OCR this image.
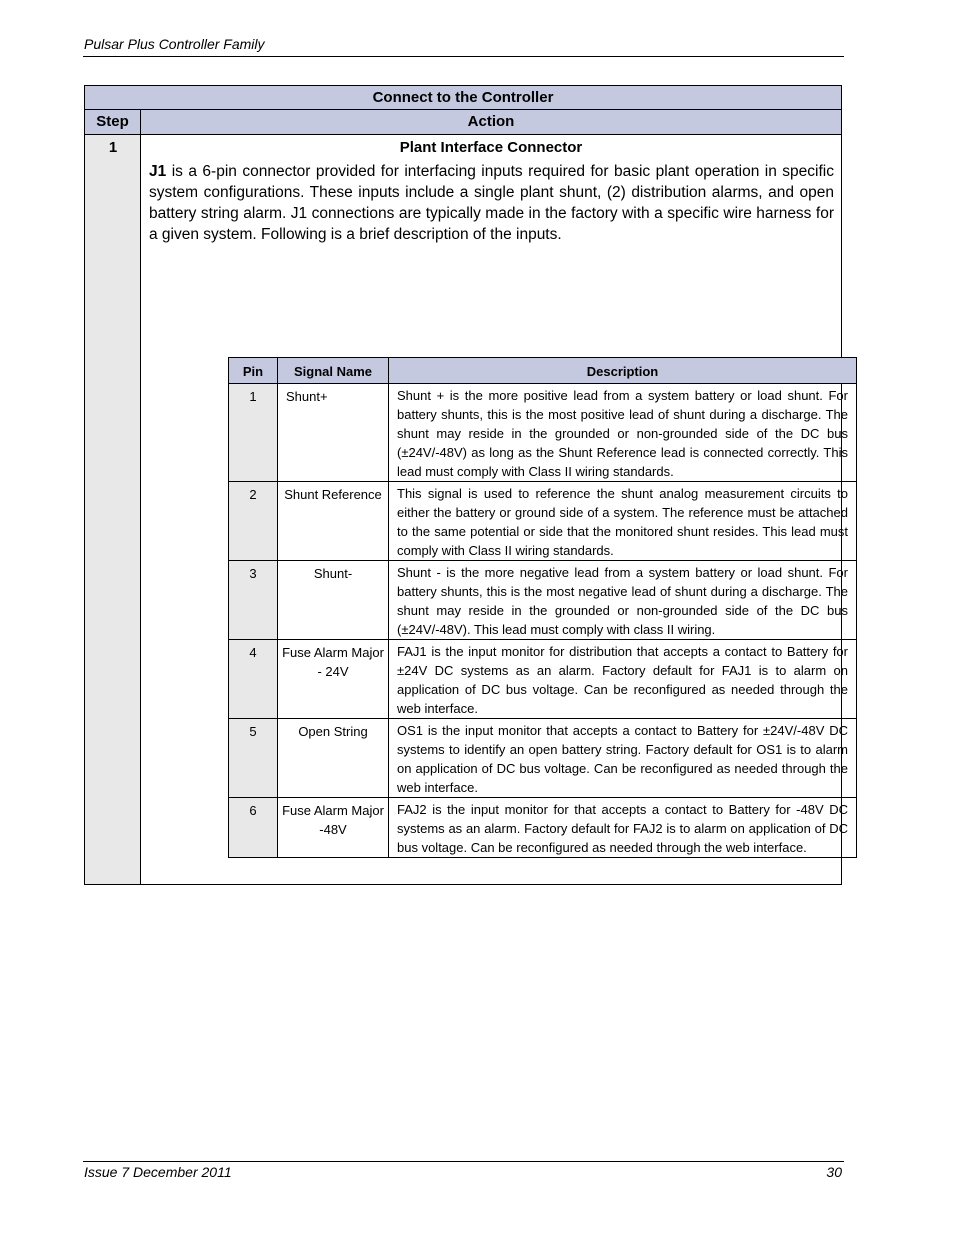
Pulsar Plus Controller Family
Connect to the Controller
Step	Action
1	Plant Interface Connector
J1 is a 6-pin connector provided for interfacing inputs required for basic plant operation in specific system configurations. These inputs include a single plant shunt, (2) distribution alarms, and open battery string alarm. J1 connections are typically made in the factory with a specific wire harness for a given system. Following is a brief description of the inputs.
Pin	Signal Name	Description
1	Shunt+	Shunt + is the more positive lead from a system battery or load shunt. For battery shunts, this is the most positive lead of shunt during a discharge. The shunt may reside in the grounded or non-grounded side of the DC bus (±24V/-48V) as long as the Shunt Reference lead is connected correctly. This lead must comply with Class II wiring standards.
2	Shunt Reference	This signal is used to reference the shunt analog measurement circuits to either the battery or ground side of a system. The reference must be attached to the same potential or side that the monitored shunt resides. This lead must comply with Class II wiring standards.
3	Shunt-	Shunt - is the more negative lead from a system battery or load shunt. For battery shunts, this is the most negative lead of shunt during a discharge. The shunt may reside in the grounded or non-grounded side of the DC bus (±24V/-48V). This lead must comply with class II wiring.
4	Fuse Alarm Major - 24V	FAJ1 is the input monitor for distribution that accepts a contact to Battery for ±24V DC systems as an alarm. Factory default for FAJ1 is to alarm on application of DC bus voltage. Can be reconfigured as needed through the web interface.
5	Open String	OS1 is the input monitor that accepts a contact to Battery for ±24V/-48V DC systems to identify an open battery string. Factory default for OS1 is to alarm on application of DC bus voltage. Can be reconfigured as needed through the web interface.
6	Fuse Alarm Major -48V	FAJ2 is the input monitor for that accepts a contact to Battery for -48V DC systems as an alarm. Factory default for FAJ2 is to alarm on application of DC bus voltage. Can be reconfigured as needed through the web interface.
Issue 7 December 2011	30
